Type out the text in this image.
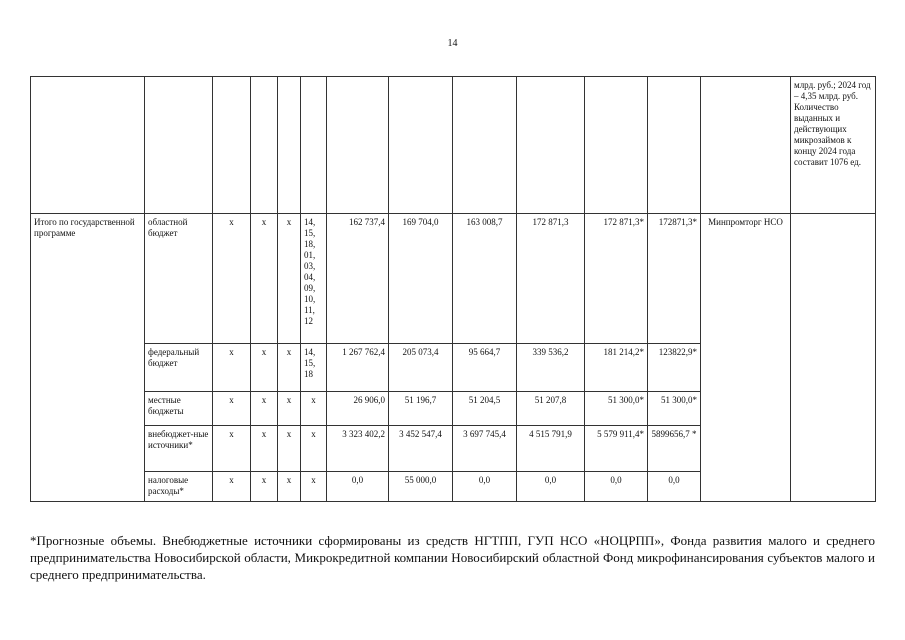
14
													млрд. руб.; 2024 год – 4,35 млрд. руб. Количество выданных и действующих микрозаймов к концу 2024 года составит 1076 ед.
Итого по государственной программе	областной бюджет	x	x	x	14, 15, 18, 01, 03, 04, 09, 10, 11, 12	162 737,4	169 704,0	163 008,7	172 871,3	172 871,3*	172871,3*	Минпромторг НСО	
	федеральный бюджет	x	x	x	14, 15, 18	1 267 762,4	205 073,4	95 664,7	339 536,2	181 214,2*	123822,9*		
	местные бюджеты	x	x	x	x	26 906,0	51 196,7	51 204,5	51 207,8	51 300,0*	51 300,0*		
	внебюджет-ные источники*	x	x	x	x	3 323 402,2	3 452 547,4	3 697 745,4	4 515 791,9	5 579 911,4*	5899656,7 *		
	налоговые расходы*	x	x	x	x	0,0	55 000,0	0,0	0,0	0,0	0,0		

*Прогнозные объемы. Внебюджетные источники сформированы из средств НГТПП, ГУП НСО «НОЦРПП», Фонда развития малого и среднего предпринимательства Новосибирской области, Микрокредитной компании Новосибирский областной Фонд микрофинансирования субъектов малого и среднего предпринимательства.
